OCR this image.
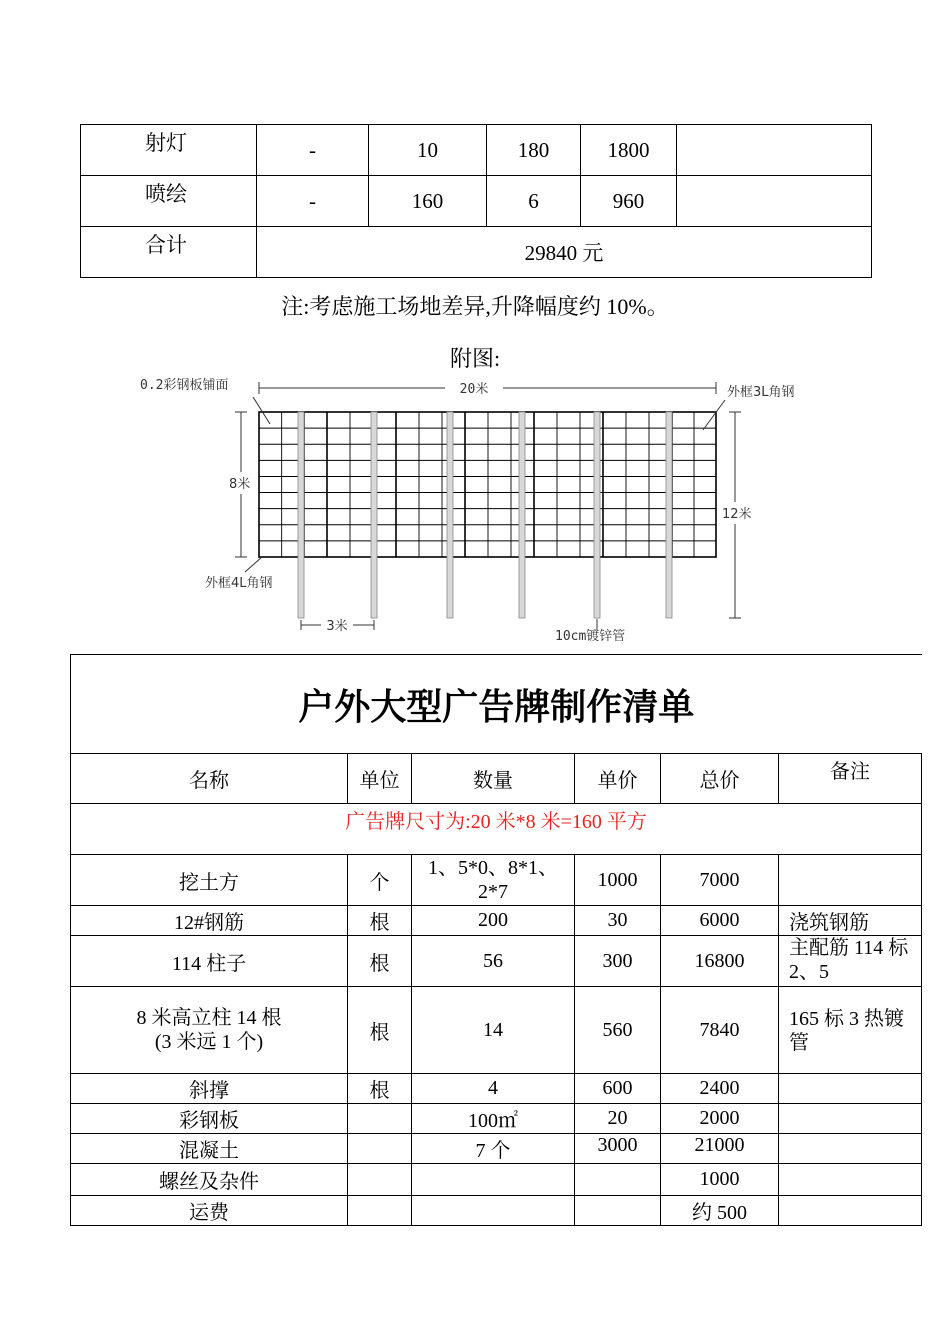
射灯	-	10	180	1800	
喷绘	-	160	6	960	
合计	29840 元				
注:考虑施工场地差异,升降幅度约 10%。
附图:
20米
0.2彩钢板铺面	外框3L角钢
8米
12米
外框4L角钢
3米
10cm镀锌管
户外大型广告牌制作清单					
名称	单位	数量	单价	总价	备注
广告牌尺寸为:20 米*8 米=160 平方					
挖土方	个	1、5*0、8*1、2*7	1000	7000	
12#钢筋	根	200	30	6000	浇筑钢筋
114 柱子	根	56	300	16800	主配筋 114 标 2、5
8 米高立柱 14 根 (3 米远 1 个)	根	14	560	7840	165 标 3 热镀管
斜撑	根	4	600	2400	
彩钢板		100㎡	20	2000	
混凝土		7 个	3000	21000	
螺丝及杂件				1000	
运费				约 500	
